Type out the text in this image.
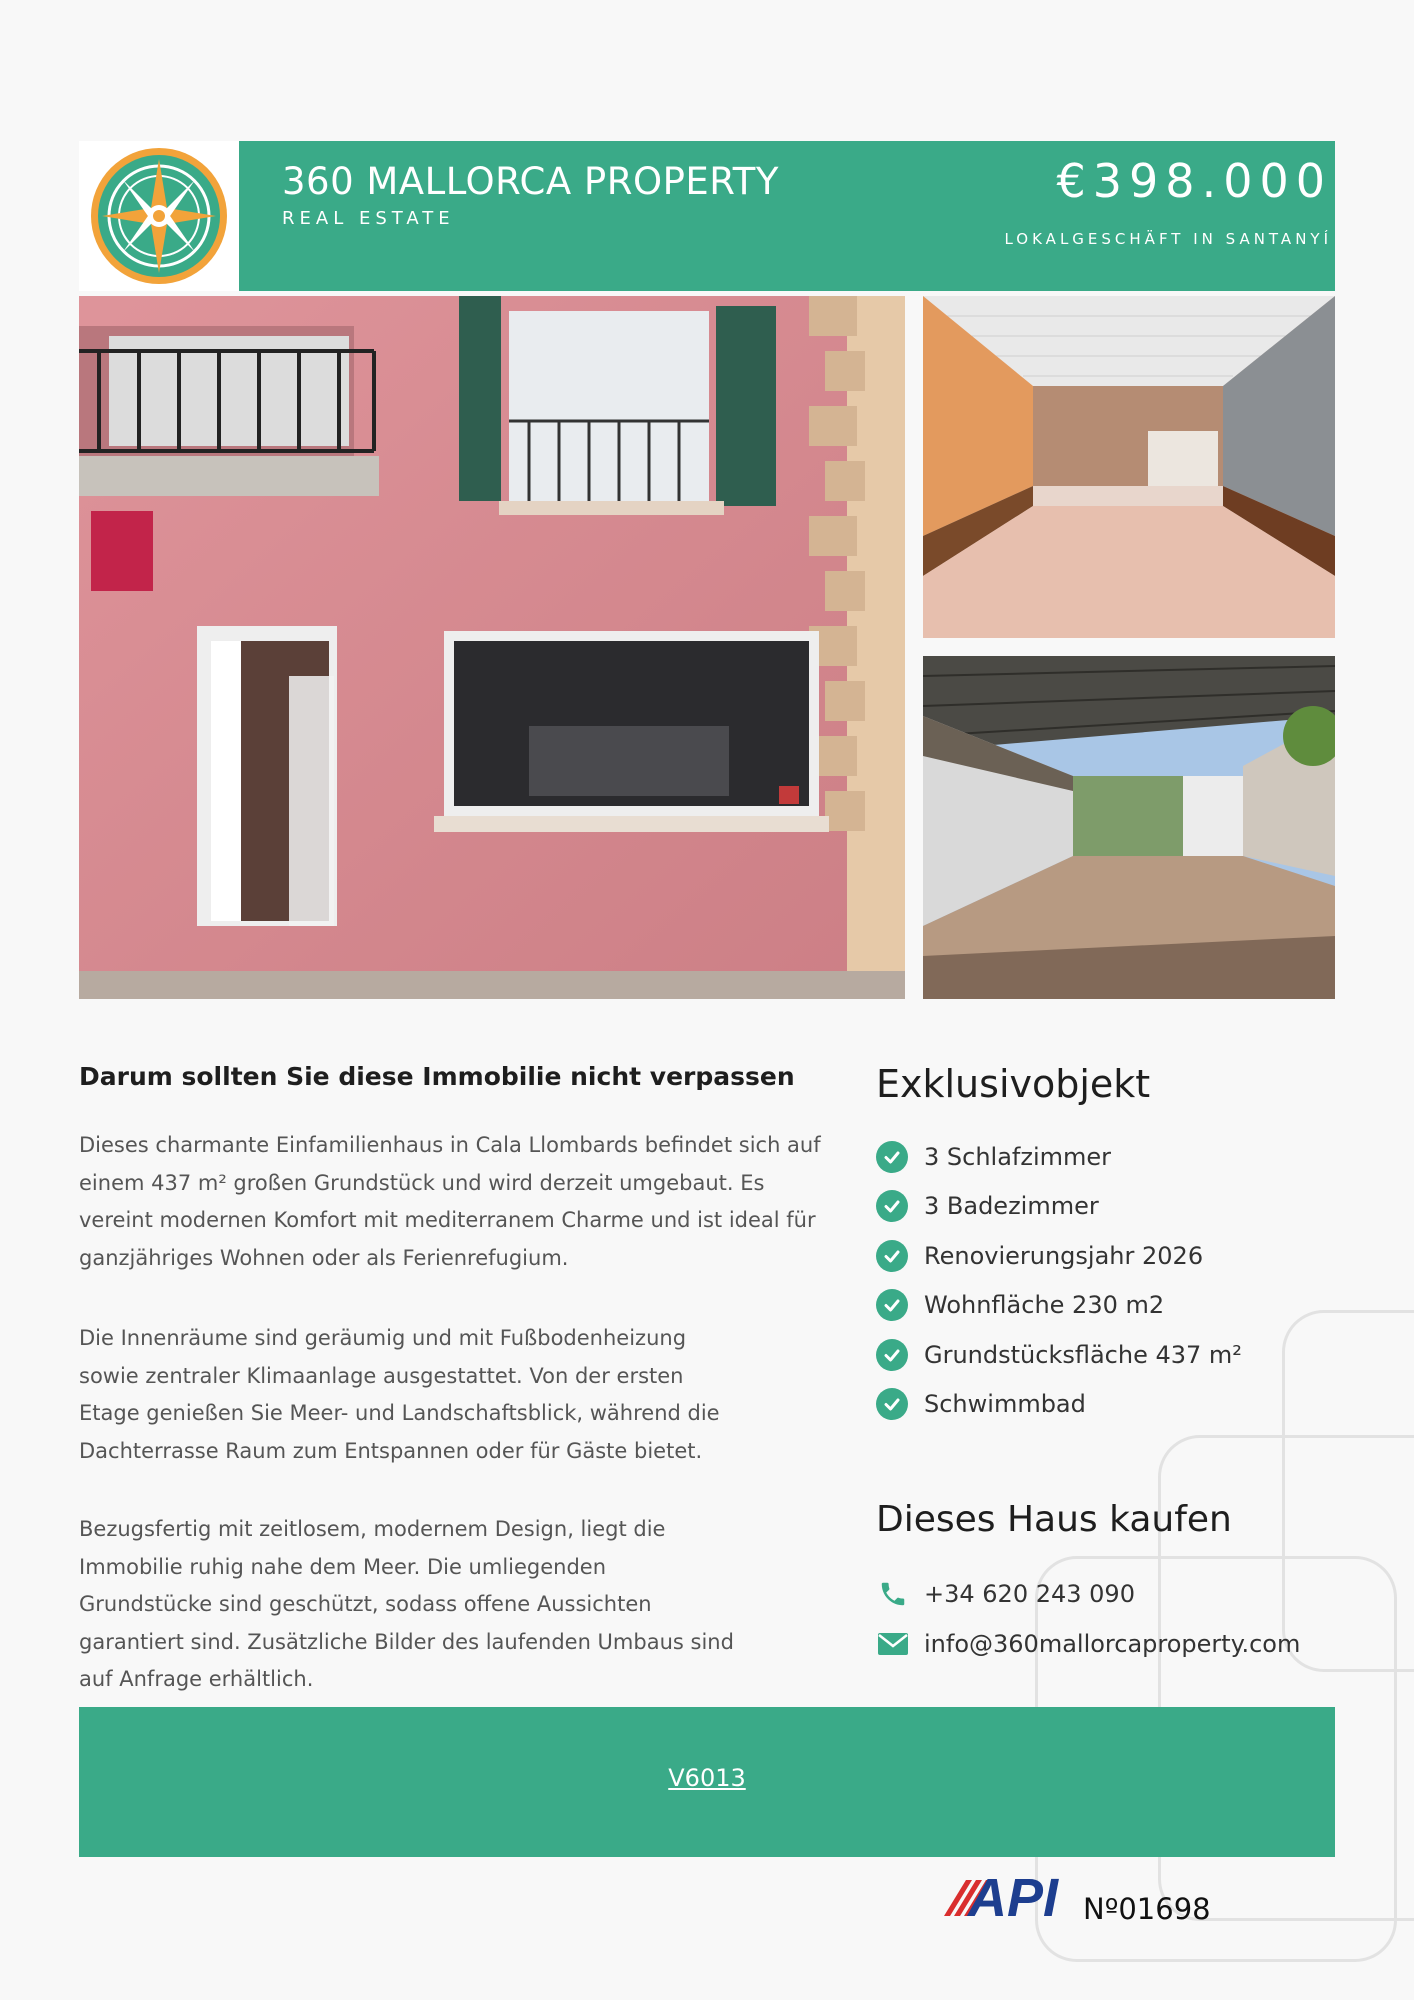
360 MALLORCA PROPERTY
REAL ESTATE
€398.000
LOKALGESCHÄFT IN SANTANYÍ
Darum sollten Sie diese Immobilie nicht verpassen
Dieses charmante Einfamilienhaus in Cala Llombards befindet sich auf
einem 437 m² großen Grundstück und wird derzeit umgebaut. Es
vereint modernen Komfort mit mediterranem Charme und ist ideal für
ganzjähriges Wohnen oder als Ferienrefugium.
Die Innenräume sind geräumig und mit Fußbodenheizung
sowie zentraler Klimaanlage ausgestattet. Von der ersten
Etage genießen Sie Meer- und Landschaftsblick, während die
Dachterrasse Raum zum Entspannen oder für Gäste bietet.
Bezugsfertig mit zeitlosem, modernem Design, liegt die
Immobilie ruhig nahe dem Meer. Die umliegenden
Grundstücke sind geschützt, sodass offene Aussichten
garantiert sind. Zusätzliche Bilder des laufenden Umbaus sind
auf Anfrage erhältlich.
Exklusivobjekt
3 Schlafzimmer
3 Badezimmer
Renovierungsjahr 2026
Wohnfläche 230 m2
Grundstücksfläche 437 m²
Schwimmbad
Dieses Haus kaufen
+34 620 243 090
info@360mallorcaproperty.com
V6013
API Nº01698
